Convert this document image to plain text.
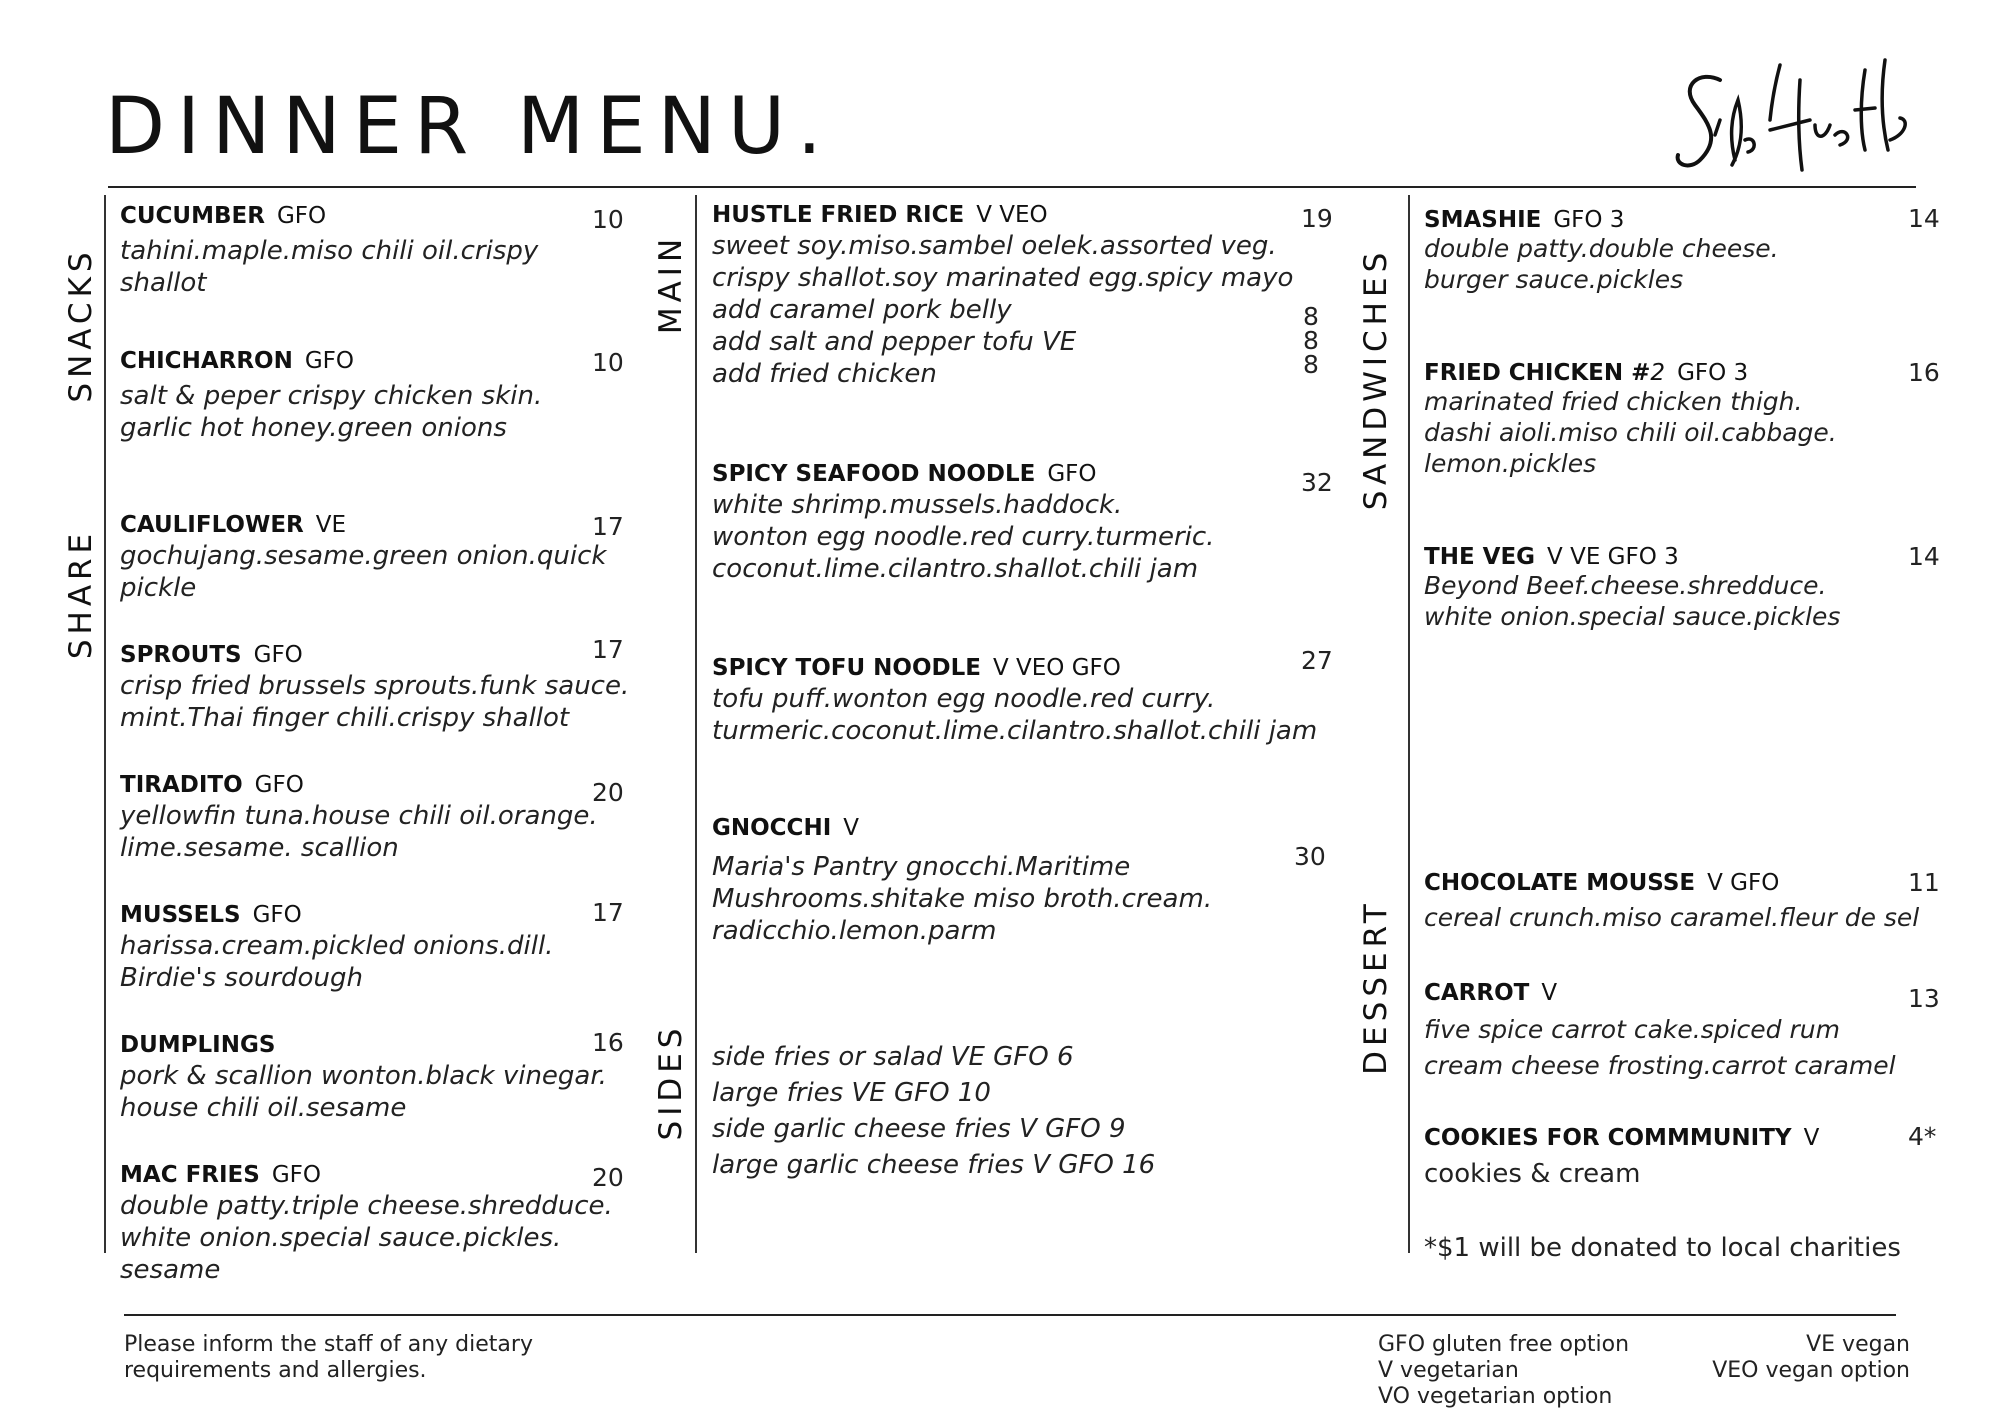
DINNER MENU.
SNACKS
SHARE
MAIN
SIDES
SANDWICHES
DESSERT
CUCUMBER GFO
tahini.maple.miso chili oil.crispy
shallot
10
CHICHARRON GFO
salt & peper crispy chicken skin.
garlic hot honey.green onions
10
CAULIFLOWER VE
gochujang.sesame.green onion.quick
pickle
17
SPROUTS GFO
crisp fried brussels sprouts.funk sauce.
mint.Thai finger chili.crispy shallot
17
TIRADITO GFO
yellowfin tuna.house chili oil.orange.
lime.sesame. scallion
20
MUSSELS GFO
harissa.cream.pickled onions.dill.
Birdie's sourdough
17
DUMPLINGS
pork & scallion wonton.black vinegar.
house chili oil.sesame
16
MAC FRIES GFO
double patty.triple cheese.shredduce.
white onion.special sauce.pickles.
sesame
20
HUSTLE FRIED RICE V VEO
sweet soy.miso.sambel oelek.assorted veg.
crispy shallot.soy marinated egg.spicy mayo
add caramel pork belly
add salt and pepper tofu VE
add fried chicken
19
8
8
8
SPICY SEAFOOD NOODLE GFO
white shrimp.mussels.haddock.
wonton egg noodle.red curry.turmeric.
coconut.lime.cilantro.shallot.chili jam
32
SPICY TOFU NOODLE V VEO GFO
tofu puff.wonton egg noodle.red curry.
turmeric.coconut.lime.cilantro.shallot.chili jam
27
GNOCCHI V
Maria's Pantry gnocchi.Maritime
Mushrooms.shitake miso broth.cream.
radicchio.lemon.parm
30
side fries or salad VE GFO 6
large fries VE GFO 10
side garlic cheese fries V GFO 9
large garlic cheese fries V GFO 16
SMASHIE GFO 3
double patty.double cheese.
burger sauce.pickles
14
FRIED CHICKEN #2 GFO 3
marinated fried chicken thigh.
dashi aioli.miso chili oil.cabbage.
lemon.pickles
16
THE VEG V VE GFO 3
Beyond Beef.cheese.shredduce.
white onion.special sauce.pickles
14
CHOCOLATE MOUSSE V GFO
cereal crunch.miso caramel.fleur de sel
11
CARROT V
five spice carrot cake.spiced rum
cream cheese frosting.carrot caramel
13
COOKIES FOR COMMMUNITY V
cookies & cream
4*
*$1 will be donated to local charities
Please inform the staff of any dietary
requirements and allergies.
GFO gluten free option
V vegetarian
VO vegetarian option
VE vegan
VEO vegan option
